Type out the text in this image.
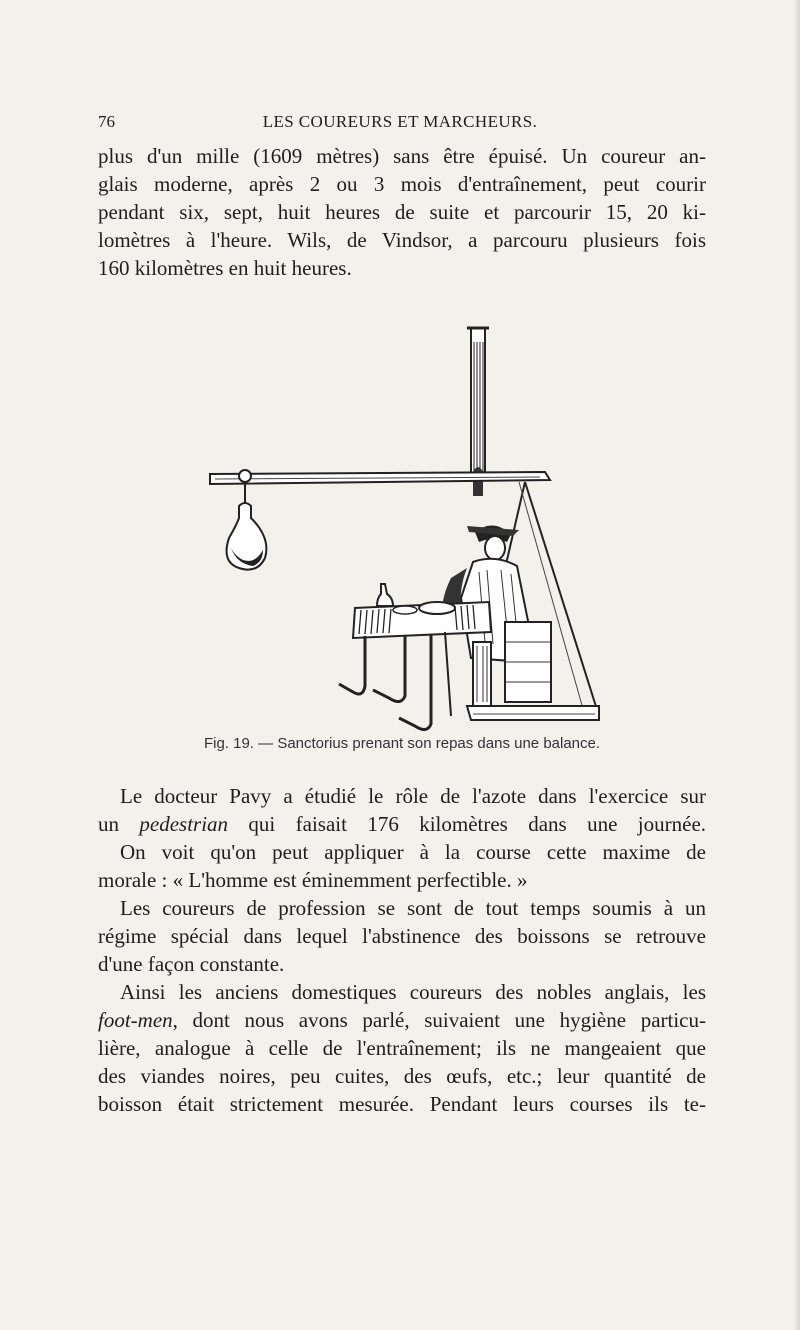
76	LES COUREURS ET MARCHEURS.

plus d'un mille (1609 mètres) sans être épuisé. Un coureur an-
glais moderne, après 2 ou 3 mois d'entraînement, peut courir
pendant six, sept, huit heures de suite et parcourir 15, 20 ki-
lomètres à l'heure. Wils, de Vindsor, a parcouru plusieurs fois
160 kilomètres en huit heures.

Fig. 19. — Sanctorius prenant son repas dans une balance.

Le docteur Pavy a étudié le rôle de l'azote dans l'exercice sur
un pedestrian qui faisait 176 kilomètres dans une journée.
On voit qu'on peut appliquer à la course cette maxime de
morale : « L'homme est éminemment perfectible. »
Les coureurs de profession se sont de tout temps soumis à un
régime spécial dans lequel l'abstinence des boissons se retrouve
d'une façon constante.
Ainsi les anciens domestiques coureurs des nobles anglais, les
foot-men, dont nous avons parlé, suivaient une hygiène particu-
lière, analogue à celle de l'entraînement; ils ne mangeaient que
des viandes noires, peu cuites, des œufs, etc.; leur quantité de
boisson était strictement mesurée. Pendant leurs courses ils te-
